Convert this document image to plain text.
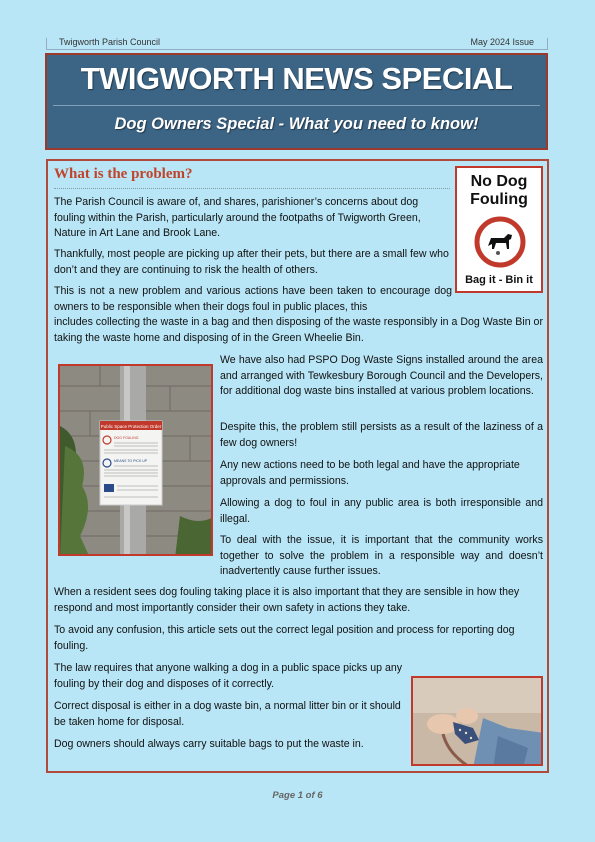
Twigworth Parish Council	May 2024 Issue
TWIGWORTH NEWS SPECIAL
Dog Owners Special - What you need to know!
What is the problem?

The Parish Council is aware of, and shares, parishioner’s concerns about dog fouling within the Parish, particularly around the footpaths of Twigworth Green, Nature in Art Lane and Brook Lane.

Thankfully, most people are picking up after their pets, but there are a small few who don’t and they are continuing to risk the health of others.

This is not a new problem and various actions have been taken to encourage dog owners to be responsible when their dogs foul in public places, this

includes collecting the waste in a bag and then disposing of the waste responsibly in a Dog Waste Bin or taking the waste home and disposing of in the Green Wheelie Bin.

No Dog Fouling
Bag it - Bin it
Public Space Protection Order
DOG FOULING
MEANS TO PICK UP

We have also had PSPO Dog Waste Signs installed around the area and arranged with Tewkesbury Borough Council and the Developers, for additional dog waste bins installed at various problem locations.

Despite this, the problem still persists as a result of the laziness of a few dog owners!

Any new actions need to be both legal and have the appropriate approvals and permissions.

Allowing a dog to foul in any public area is both irresponsible and illegal.

To deal with the issue, it is important that the community works together to solve the problem in a responsible way and doesn’t inadvertently cause further issues.

When a resident sees dog fouling taking place it is also important that they are sensible in how they respond and most importantly consider their own safety in actions they take.

To avoid any confusion, this article sets out the correct legal position and process for reporting dog fouling.

The law requires that anyone walking a dog in a public space picks up any fouling by their dog and disposes of it correctly.

Correct disposal is either in a dog waste bin, a normal litter bin or it should be taken home for disposal.

Dog owners should always carry suitable bags to put the waste in.

Page 1 of 6
